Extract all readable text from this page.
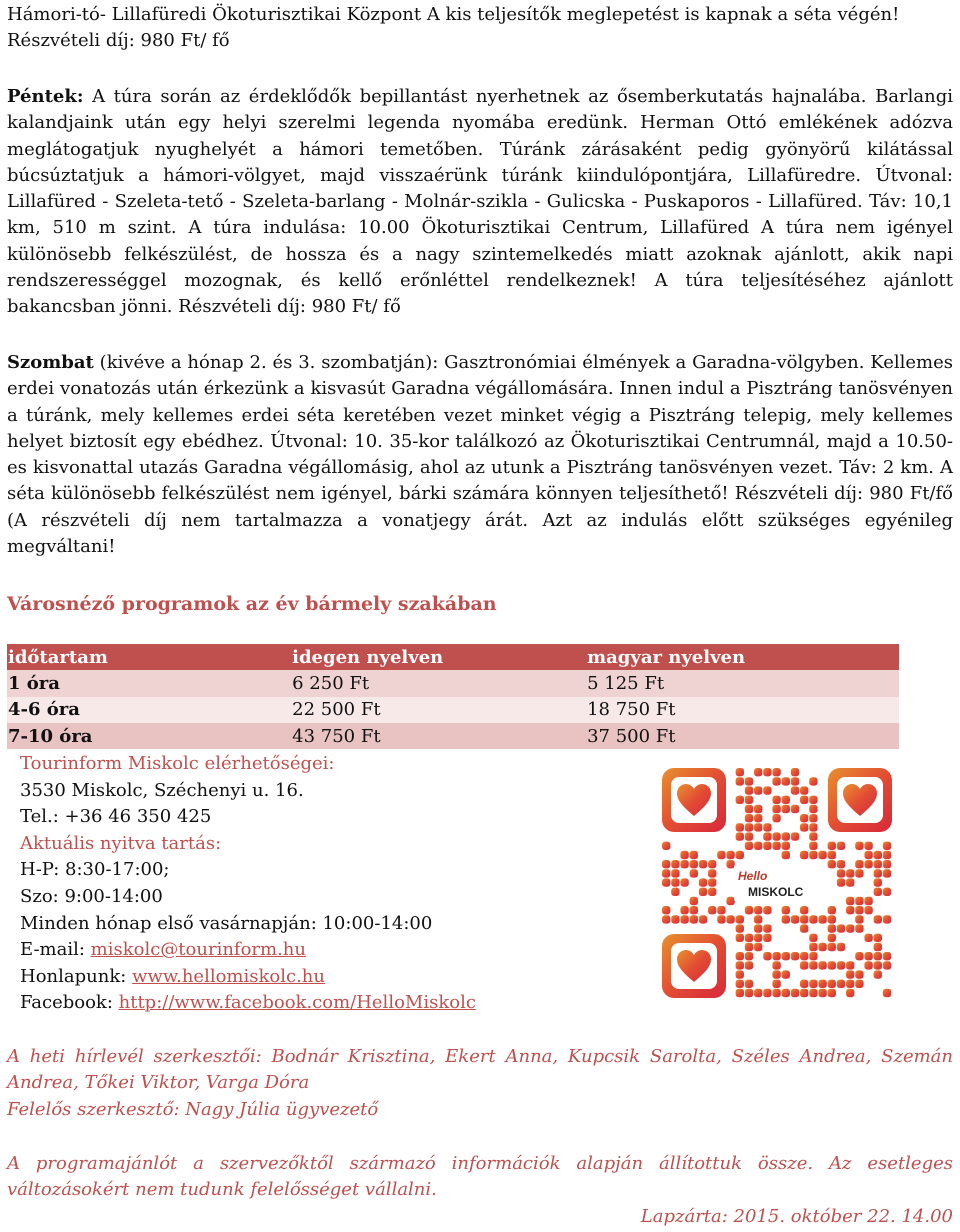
Hámori-tó- Lillafüredi Ökoturisztikai Központ A kis teljesítők meglepetést is kapnak a séta végén!
Részvételi díj: 980 Ft/ fő

Péntek: A túra során az érdeklődők bepillantást nyerhetnek az ősemberkutatás hajnalába. Barlangi kalandjaink után egy helyi szerelmi legenda nyomába eredünk. Herman Ottó emlékének adózva meglátogatjuk nyughelyét a hámori temetőben. Túránk zárásaként pedig gyönyörű kilátással búcsúztatjuk a hámori-völgyet, majd visszaérünk túránk kiindulópontjára, Lillafüredre. Útvonal: Lillafüred - Szeleta-tető - Szeleta-barlang - Molnár-szikla - Gulicska - Puskaporos - Lillafüred. Táv: 10,1 km, 510 m szint. A túra indulása: 10.00 Ökoturisztikai Centrum, Lillafüred A túra nem igényel különösebb felkészülést, de hossza és a nagy szintemelkedés miatt azoknak ajánlott, akik napi rendszerességgel mozognak, és kellő erőnléttel rendelkeznek! A túra teljesítéséhez ajánlott bakancsban jönni. Részvételi díj: 980 Ft/ fő

Szombat (kivéve a hónap 2. és 3. szombatján): Gasztronómiai élmények a Garadna-völgyben. Kellemes erdei vonatozás után érkezünk a kisvasút Garadna végállomására. Innen indul a Pisztráng tanösvényen a túránk, mely kellemes erdei séta keretében vezet minket végig a Pisztráng telepig, mely kellemes helyet biztosít egy ebédhez. Útvonal: 10. 35-kor találkozó az Ökoturisztikai Centrumnál, majd a 10.50-es kisvonattal utazás Garadna végállomásig, ahol az utunk a Pisztráng tanösvényen vezet. Táv: 2 km. A séta különösebb felkészülést nem igényel, bárki számára könnyen teljesíthető! Részvételi díj: 980 Ft/fő (A részvételi díj nem tartalmazza a vonatjegy árát. Azt az indulás előtt szükséges egyénileg megváltani!

Városnéző programok az év bármely szakában
időtartam	idegen nyelven	magyar nyelven
1 óra	6 250 Ft	5 125 Ft
4-6 óra	22 500 Ft	18 750 Ft
7-10 óra	43 750 Ft	37 500 Ft
Tourinform Miskolc elérhetőségei:
3530 Miskolc, Széchenyi u. 16.
Tel.: +36 46 350 425
Aktuális nyitva tartás:
H-P: 8:30-17:00;
Szo: 9:00-14:00
Minden hónap első vasárnapján: 10:00-14:00
E-mail: miskolc@tourinform.hu
Honlapunk: www.hellomiskolc.hu
Facebook: http://www.facebook.com/HelloMiskolc
Hello
MISKOLC

A heti hírlevél szerkesztői: Bodnár Krisztina, Ekert Anna, Kupcsik Sarolta, Széles Andrea, Szemán Andrea, Tőkei Viktor, Varga Dóra

Felelős szerkesztő: Nagy Júlia ügyvezető

A programajánlót a szervezőktől származó információk alapján állítottuk össze. Az esetleges változásokért nem tudunk felelősséget vállalni.

Lapzárta: 2015. október 22. 14.00
